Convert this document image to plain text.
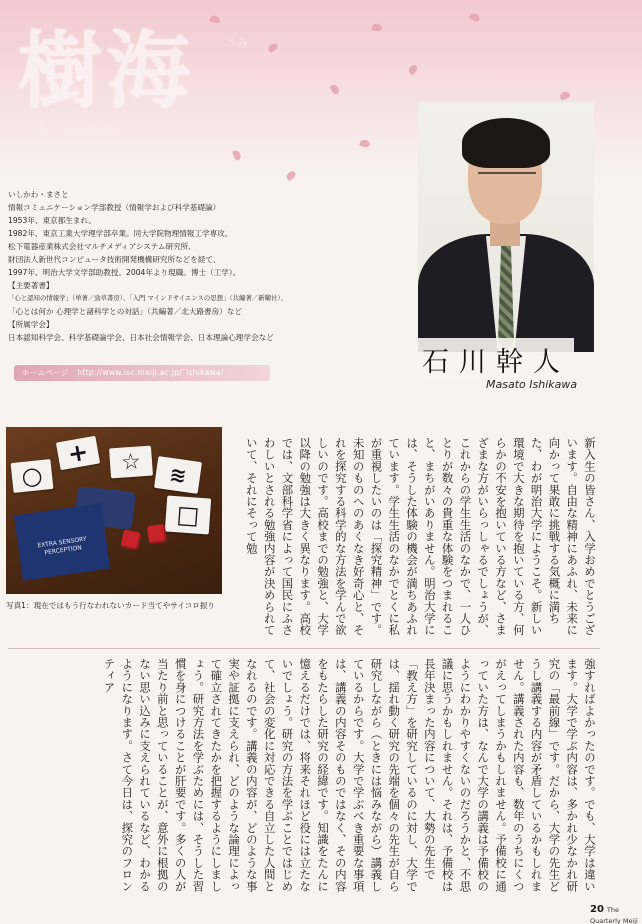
樹海	うみ
ぼくの技術
いしかわ・まさと
情報コミュニケーション学部教授（情報学および科学基礎論）
1953年、東京都生まれ。
1982年、東京工業大学理学部卒業。同大学院物理情報工学専攻。
松下電器産業株式会社マルチメディアシステム研究所、
財団法人新世代コンピュータ技術開発機構研究所などを経て、
1997年、明治大学文学部助教授。2004年より現職。博士（工学）。
【主要著書】
「心と認知の情報学」（単著／勁草書房）、「入門 マインドサイエンスの思想」（共編著／新曜社）、
「心とは何か 心理学と諸科学との対話」（共編著／北大路書房）など
【所属学会】
日本認知科学会、科学基礎論学会、日本社会情報学会、日本理論心理学会など
ホームページ http://www.isc.meiji.ac.jp/˜ishikawa/	石川幹人
Masato Ishikawa
○
+	☆	≋
□
EXTRA SENSORY PERCEPTION
写真1：現在ではもう行なわれないカード当てやサイコロ振り	新入生の皆さん、入学おめでとうございます。自由な精神にあふれ、未来に向かって果敢に挑戦する気概に満ちた、わが明治大学にようこそ。新しい環境で大きな期待を抱いている方、何らかの不安を抱いている方など、さまざまな方がいらっしゃるでしょうが、これからの学生生活のなかで、一人ひとりが数々の貴重な体験をつまれること、まちがいありません。明治大学には、そうした体験の機会が満ちあふれています。学生生活のなかでとくに私が重視したいのは「探究精神」です。未知のものへのあくなき好奇心と、それを探究する科学的な方法を学んで欲しいのです。高校までの勉強と、大学以降の勉強は大きく異なります。高校では、文部科学省によって国民にふさわしいとされる勉強内容が決められていて、それにそって勉
強すればよかったのです。でも、大学は違います。大学で学ぶ内容は、多かれ少なかれ研究の「最前線」です。だから、大学の先生どうし講義する内容が矛盾しているかもしれません。講義された内容も、数年のうちにくつがえってしまうかもしれません。予備校に通っていた方は、なんで大学の講義は予備校のようにわかりやすくないのだろうかと、不思議に思うかもしれません。それは、予備校は長年決まった内容について、大勢の先生で「教え方」を研究しているのに対し、大学では、揺れ動く研究の先端を個々の先生が自ら研究しながら（ときには悩みながら）講義しているからです。大学で学ぶべき重要な事項は、講義の内容そのものではなく、その内容をもたらした研究の経緯です。知識をたんに憶えるだけでは、将来それほど役には立たないでしょう。研究の方法を学ぶことではじめて、社会の変化に対応できる自立した人間となれるのです。講義の内容が、どのような事実や証拠に支えられ、どのような論理によって確立されてきたかを把握するようにしましょう。研究方法を学ぶためには、そうした習慣を身につけることが肝要です。多くの人が当たり前と思っていることが、意外に根拠のない思い込みに支えられているなど、わかるようになります。さて今日は、探究のフロンティア
20 The Quarterly Meiji
